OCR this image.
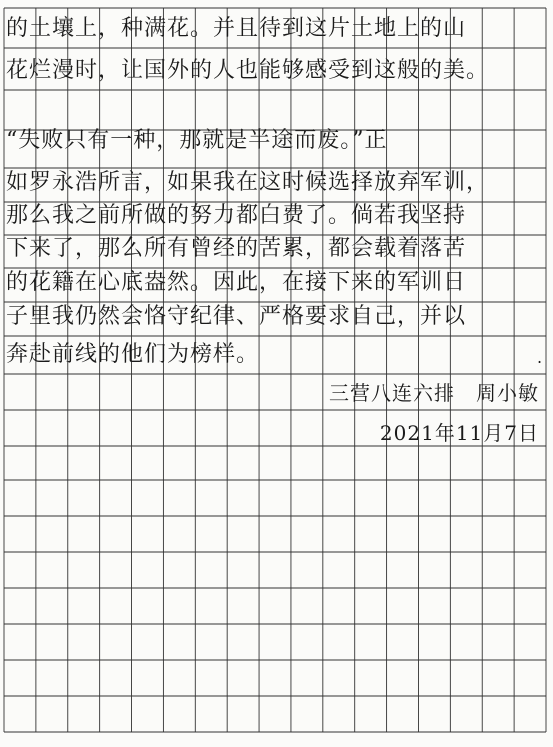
的土壤上，种满花。并且待到这片土地上的山
花烂漫时，让国外的人也能够感受到这般的美。
“失败只有一种，那就是半途而废。”正
如罗永浩所言，如果我在这时候选择放弃军训，
那么我之前所做的努力都白费了。倘若我坚持
下来了，那么所有曾经的苦累，都会载着落苦
的花籍在心底盎然。因此，在接下来的军训日
子里我仍然会恪守纪律、严格要求自己，并以
奔赴前线的他们为榜样。	.
三营八连六排　周小敏
2021年11月7日
